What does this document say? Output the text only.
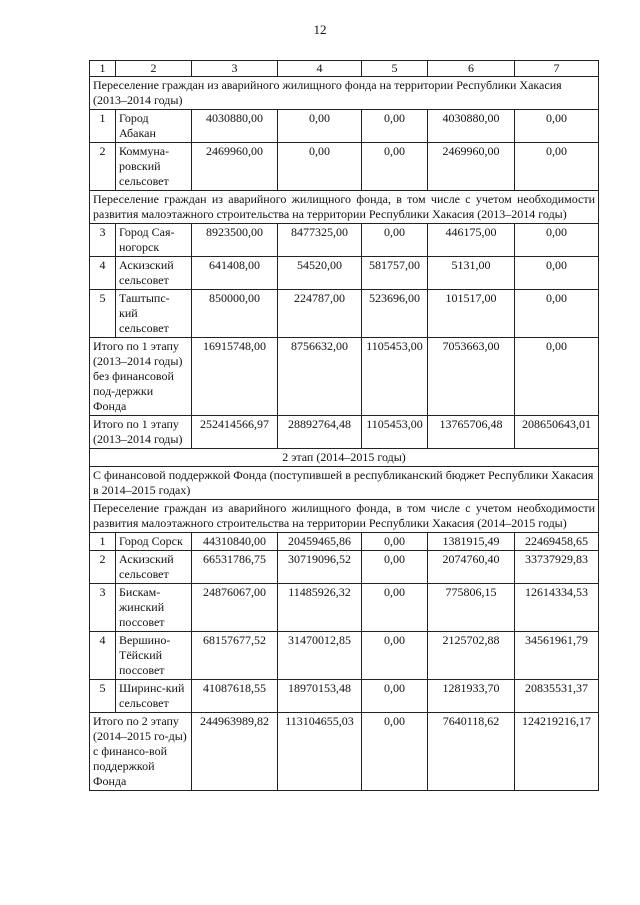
12
1	2	3	4	5	6	7
Переселение граждан из аварийного жилищного фонда на территории Республики Хакасия (2013–2014 годы)						
1	Город Абакан	4030880,00	0,00	0,00	4030880,00	0,00
2	Коммуна-ровский сельсовет	2469960,00	0,00	0,00	2469960,00	0,00
Переселение граждан из аварийного жилищного фонда, в том числе с учетом необходимости развития малоэтажного строительства на территории Республики Хакасия (2013–2014 годы)						
3	Город Сая-ногорск	8923500,00	8477325,00	0,00	446175,00	0,00
4	Аскизский сельсовет	641408,00	54520,00	581757,00	5131,00	0,00
5	Таштыпс-кий сельсовет	850000,00	224787,00	523696,00	101517,00	0,00
Итого по 1 этапу (2013–2014 годы) без финансовой под-держки Фонда		16915748,00	8756632,00	1105453,00	7053663,00	0,00
Итого по 1 этапу (2013–2014 годы)		252414566,97	28892764,48	1105453,00	13765706,48	208650643,01
2 этап (2014–2015 годы)						
С финансовой поддержкой Фонда (поступившей в республиканский бюджет Республики Хакасия в 2014–2015 годах)						
Переселение граждан из аварийного жилищного фонда, в том числе с учетом необходимости развития малоэтажного строительства на территории Республики Хакасия (2014–2015 годы)						
1	Город Сорск	44310840,00	20459465,86	0,00	1381915,49	22469458,65
2	Аскизский сельсовет	66531786,75	30719096,52	0,00	2074760,40	33737929,83
3	Бискам-жинский поссовет	24876067,00	11485926,32	0,00	775806,15	12614334,53
4	Вершино-Тёйский поссовет	68157677,52	31470012,85	0,00	2125702,88	34561961,79
5	Ширинс-кий сельсовет	41087618,55	18970153,48	0,00	1281933,70	20835531,37
Итого по 2 этапу (2014–2015 го-ды) с финансо-вой поддержкой Фонда		244963989,82	113104655,03	0,00	7640118,62	124219216,17
